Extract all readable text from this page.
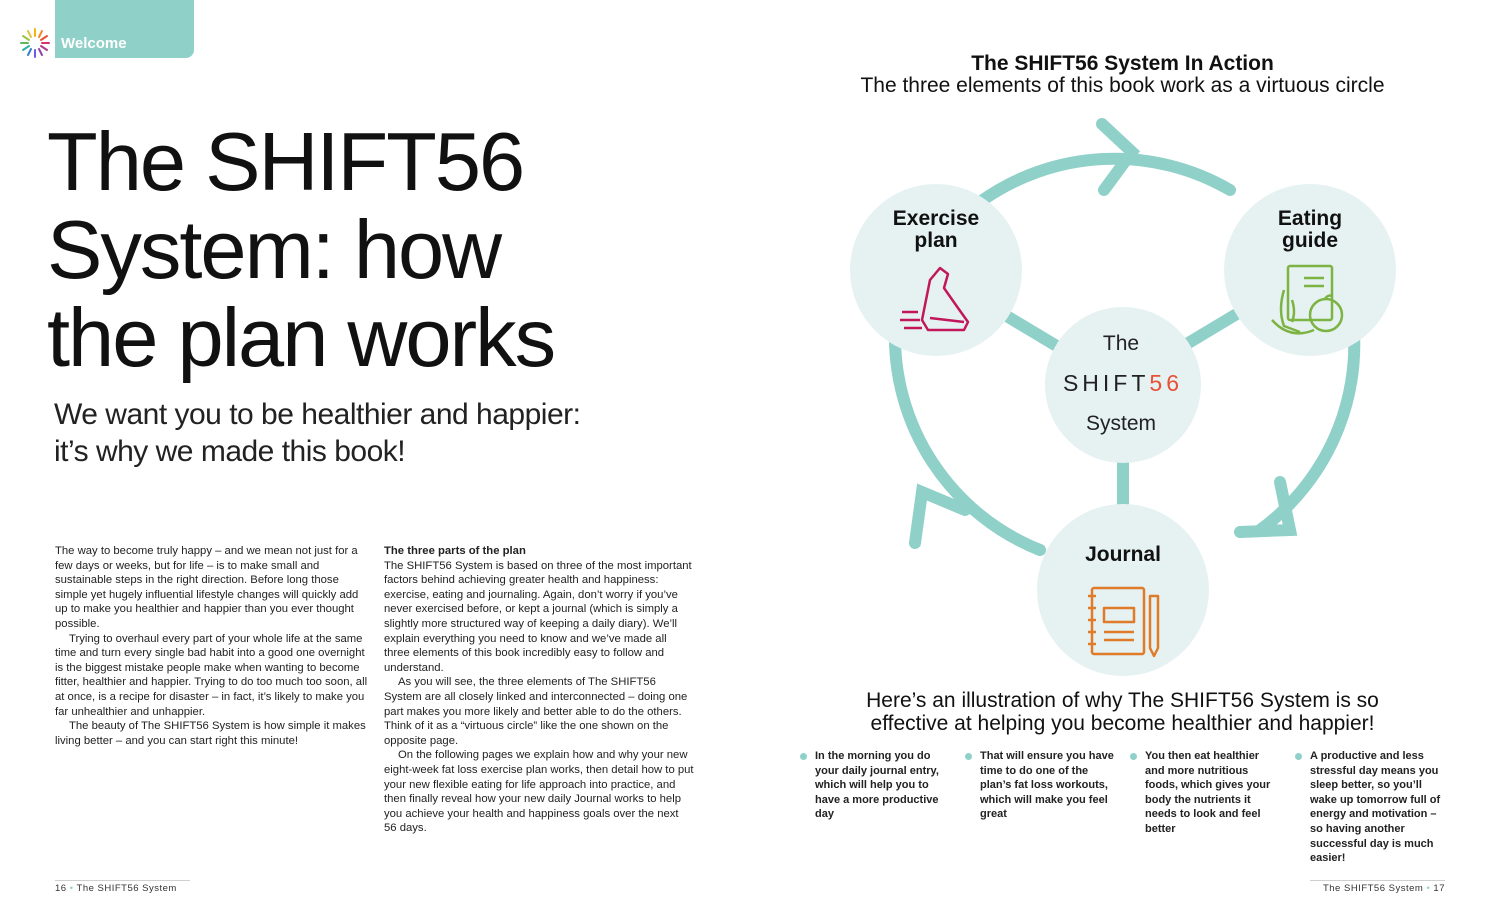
Welcome
The SHIFT56
System: how
the plan works
We want you to be healthier and happier:
it’s why we made this book!

The way to become truly happy – and we mean not just for a few days or weeks, but for life – is to make small and sustainable steps in the right direction. Before long those simple yet hugely influential lifestyle changes will quickly add up to make you healthier and happier than you ever thought possible.

Trying to overhaul every part of your whole life at the same time and turn every single bad habit into a good one overnight is the biggest mistake people make when wanting to become fitter, healthier and happier. Trying to do too much too soon, all at once, is a recipe for disaster – in fact, it’s likely to make you far unhealthier and unhappier.

The beauty of The SHIFT56 System is how simple it makes living better – and you can start right this minute!

The three parts of the plan

The SHIFT56 System is based on three of the most important factors behind achieving greater health and happiness: exercise, eating and journaling. Again, don’t worry if you’ve never exercised before, or kept a journal (which is simply a slightly more structured way of keeping a daily diary). We’ll explain everything you need to know and we’ve made all three elements of this book incredibly easy to follow and understand.

As you will see, the three elements of The SHIFT56 System are all closely linked and interconnected – doing one part makes you more likely and better able to do the others. Think of it as a “virtuous circle” like the one shown on the opposite page.

On the following pages we explain how and why your new eight-week fat loss exercise plan works, then detail how to put your new flexible eating for life approach into practice, and then finally reveal how your new daily Journal works to help you achieve your health and happiness goals over the next 56 days.

16 • The SHIFT56 System
The SHIFT56 System In Action
The three elements of this book work as a virtuous circle
Exercise
plan
Eating
guide
Journal
The
SHIFT56
System
Here’s an illustration of why The SHIFT56 System is so
effective at helping you become healthier and happier!
In the morning you do your daily journal entry, which will help you to have a more productive day
That will ensure you have time to do one of the plan’s fat loss workouts, which will make you feel great
You then eat healthier and more nutritious foods, which gives your body the nutrients it needs to look and feel better
A productive and less stressful day means you sleep better, so you’ll wake up tomorrow full of energy and motivation – so having another successful day is much easier!
The SHIFT56 System • 17
